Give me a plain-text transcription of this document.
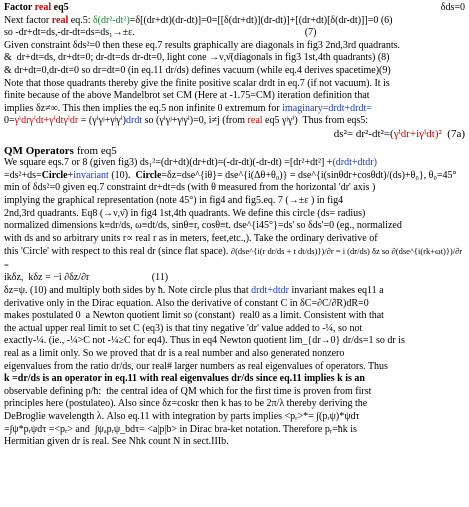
Factor real eq5	δds=0

Next factor real eq.5: δ(dr²-dt²)=δ[(dr+dt)(dr-dt)]=0=[[δ(dr+dt)](dr-dt)]+[(dr+dt)[δ(dr-dt)]]=0 (6)

so -dr+dt=ds,-dr-dt=ds=ds₁→±ε.                                                                    (7)

Given constraint δds²=0 then these eq.7 results graphically are diagonals in fig3 2nd,3rd quadrants.

&  dr+dt=ds, dr+dt=0; dr-dt=ds dr-dt=0, light cone →ν,ν̄(diagonals in fig3 1st,4th quadrants) (8)

& dr+dt=0,dr-dt=0 so dr=dt=0 (in eq.11 dr/ds) defines vacuum (while eq.4 derives spacetime)(9)

Note that those quadrants thereby give the finite positive scalar drdt in eq.7 (if not vacuum). It is

finite because of the above Mandelbrot set CM (Here at -1.75=CM) iteration definition that

implies δz≠∞. This then implies the eq.5 non infinite 0 extremum for imaginary=drdt+drdt=

0=γⁱdrγⁱdt+γⁱdtγⁱdr = (γⁱγʲ+γʲγⁱ)drdt so (γⁱγʲ+γʲγⁱ)=0, i≠j (from real eq5 γʲγⁱ)  Thus from eqs5:

ds²= dr²-dt²=(γⁱdr+iγⁱdt)²  (7a)

QM Operators from eq5

We square eqs.7 or 8 (given fig3) ds₁²=(dr+dt)(dr+dt)=(-dr-dt)(-dr-dt) =[dr²+dt²] +(drdt+dtdr)

=ds²+ds=Circle+invariant (10).  Circle=δz=dse^{iθ}= dse^{i(Δθ+θ₀)} = dse^{i(sinθdr+cosθdt)/(ds)+θ₀}, θ₀=45°

min of δds²=0 given eq.7 constraint dr+dt=ds (with θ measured from the horizontal 'dr' axis )

implying the graphical representation (note 45°) in fig4 and fig5.eq. 7 (→±ε ) in fig4

2nd,3rd quadrants. Eq8 (→ν,ν̄) in fig4 1st,4th quadrants. We define this circle (ds= radius)

normalized dimensions k≡dr/ds, ω≡dt/ds, sinθ≡r, cosθ≡t. dse^{i45°}=ds' so δds'=0 (eg., normalized

with ds and so arbitrary units r∝ real r as in meters, feet,etc.,). Take the ordinary derivative of

this 'Circle' with respect to this real dr (since flat space). ∂(dse^{i(r dr/ds + t dt/ds)})/∂r = i (dr/ds) δz so ∂(dse^{i(rk+ωt)})/∂r =

ikδz,  kδz = −i ∂δz/∂r                         (11)

δz=ψ. (10) and multiply both sides by ħ. Note circle plus that drdt+dtdr invariant makes eq11 a

derivative only in the Dirac equation. Also the derivative of constant C in δC=∂C/∂R)dR=0

makes postulated 0  a Newton quotient limit so (constant)  real0 as a limit. Consistent with that

the actual upper real limit to set C (eq3) is that tiny negative 'dr' value added to -¼, so not

exactly-¼. (ie., -¼>C not -¼≥C for eq4). Thus in eq4 Newton quotient lim_{dr→0} dr/ds=1 so dr is

real as a limit only. So we proved that dr is a real number and also generated nonzero

eigenvalues from the ratio dr/ds, our real# larger numbers as real eigenvalues of operators. Thus

k =dr/ds is an operator in eq.11 with real eigenvalues dr/ds since eq.11 implies k is an

observable defining p/ħ:  the central idea of QM which for the first time is proven from first

principles here (postulateo). Also since δz=coskr then k has to be 2π/λ thereby deriving the

DeBroglie wavelength λ. Also eq.11 with integration by parts implies <pᵣ>*= ∫(pᵣψ)*ψdτ

=∫ψ*pᵣψdτ =<pᵣ> and  ∫ψₐpᵣψ_bdτ= <a|p|b> in Dirac bra-ket notation. Therefore pᵣ=ħk is

Hermitian given dr is real. See Nhk count N in sect.IIIb.
